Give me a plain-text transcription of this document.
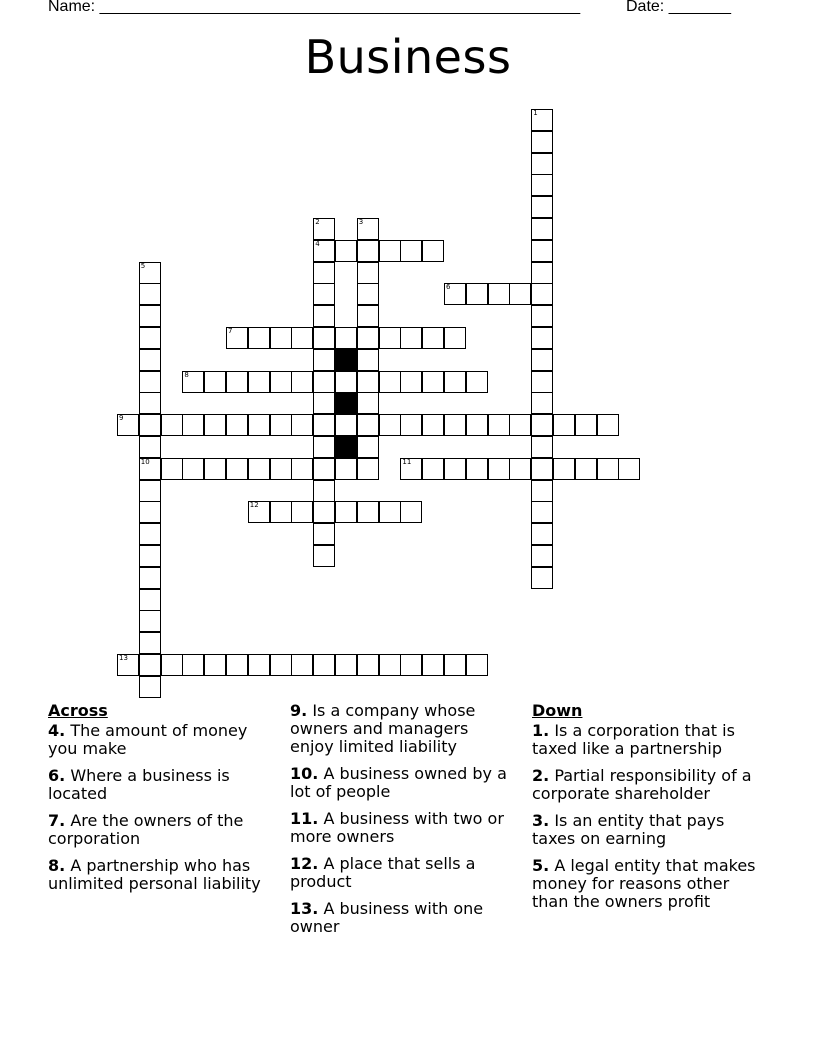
Name: ______________________________________________________	Date: _______
Business
1
2
4
3
5
10
6
7
8
9
11
12
13
Across
4. The amount of money you make
6. Where a business is located
7. Are the owners of the corporation
8. A partnership who has unlimited personal liability
9. Is a company whose owners and managers enjoy limited liability
10. A business owned by a lot of people
11. A business with two or more owners
12. A place that sells a product
13. A business with one owner
Down
1. Is a corporation that is taxed like a partnership
2. Partial responsibility of a corporate shareholder
3. Is an entity that pays taxes on earning
5. A legal entity that makes money for reasons other than the owners profit
